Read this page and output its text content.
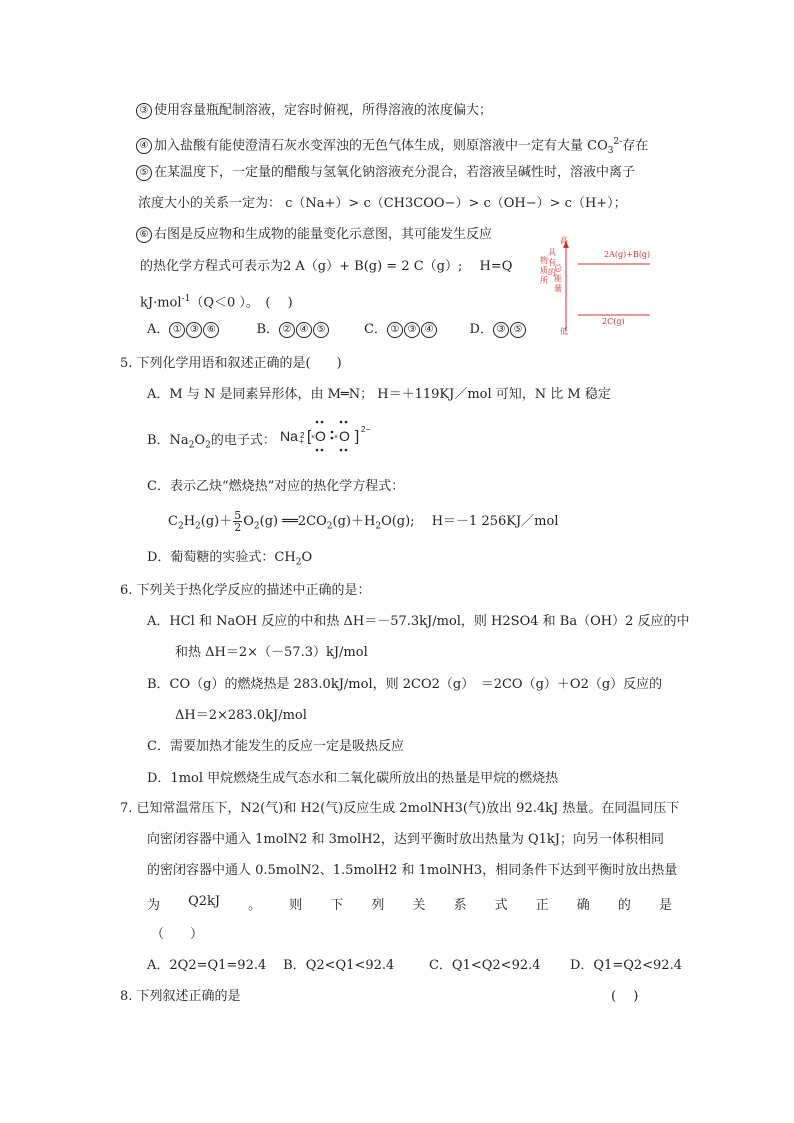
③ 使用容量瓶配制溶液，定容时俯视，所得溶液的浓度偏大；
④ 加入盐酸有能使澄清石灰水变浑浊的无色气体生成，则原溶液中一定有大量 $CO_3^{2-}$存在
⑤ 在某温度下，一定量的醋酸与氢氧化钠溶液充分混合，若溶液呈碱性时，溶液中离子
浓度大小的关系一定为： c（Na+）> c（CH3COO−）> c（OH−）> c（H+）；
⑥ 右图是反应物和生成物的能量变化示意图，其可能发生反应
的热化学方程式可表示为2 A（g）+ B(g) = 2 C（g）;　 H=Q
kJ·mol$^{-1}$（Q＜0 ）。　(　 )
高
低
物
质
所
具
有
的
总
能
量
2A(g)+B(g)
2C(g)
A． ① ③ ⑥	B． ② ④ ⑤	C． ① ③ ④	D． ③ ⑤
5. 下列化学用语和叙述正确的是(　　)
A．M 与 N 是同素异形体，由 M═N； H＝＋119KJ／mol 可知，N 比 M 稳定
B．$Na_2O_2$的电子式： Na +
2 [ O O ] 2−
×	×
C．表示乙炔“燃烧热”对应的热化学方程式：
$C_2H_2(g)+ \frac{5}{2} O_2(g)$ $══2CO_2(g)+H_2O(g)$;　 H＝－1 256KJ／mol
D．葡萄糖的实验式：$CH_2O$
6. 下列关于热化学反应的描述中正确的是：
A．HCl 和 NaOH 反应的中和热 ΔH＝－57.3kJ/mol，则 H2SO4 和 Ba（OH）2 反应的中
和热 ΔH＝2×（－57.3）kJ/mol
B．CO（g）的燃烧热是 283.0kJ/mol，则 2CO2（g）　＝2CO（g）＋O2（g）反应的
ΔH＝2×283.0kJ/mol
C．需要加热才能发生的反应一定是吸热反应
D．1mol 甲烷燃烧生成气态水和二氧化碳所放出的热量是甲烷的燃烧热
7. 已知常温常压下，N2(气)和 H2(气)反应生成 2molNH3(气)放出 92.4kJ 热量。在同温同压下
向密闭容器中通入 1molN2 和 3molH2，达到平衡时放出热量为 Q1kJ；向另一体积相同
的密闭容器中通人 0.5molN2、1.5molH2 和 1molNH3，相同条件下达到平衡时放出热量
为 Q2kJ 。 则 下 列 关 系 式 正 确 的 是
（　　）
A．2Q2=Q1=92.4	B．Q2<Q1<92.4	C．Q1<Q2<92.4	D．Q1=Q2<92.4
8. 下列叙述正确的是	(　 )
